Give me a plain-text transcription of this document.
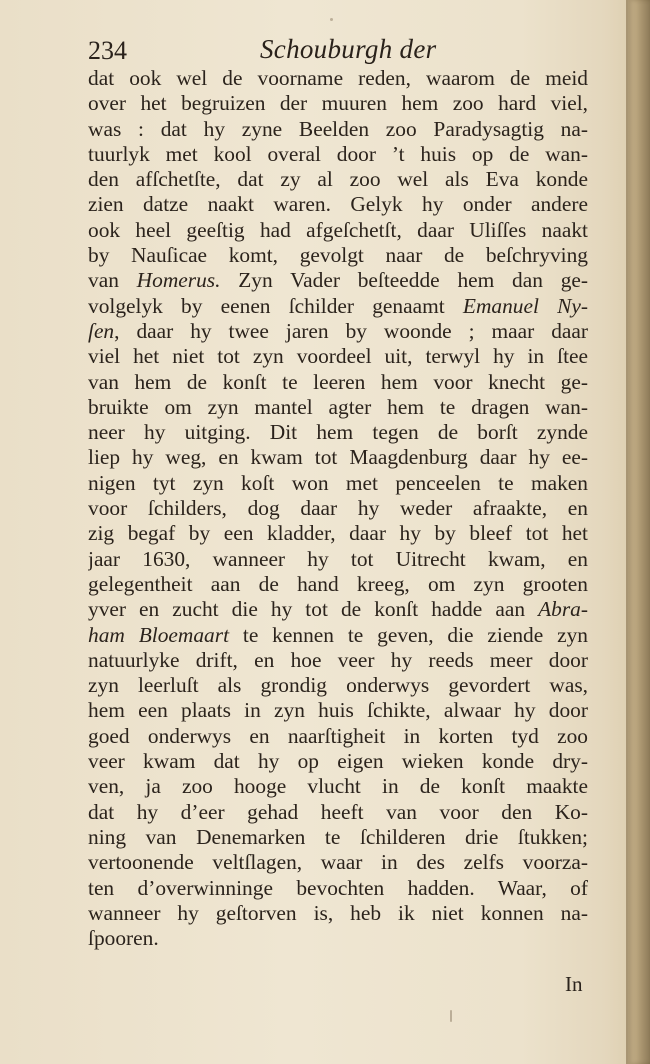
234	Schouburgh der
dat ook wel de voorname reden, waarom de meid
over het begruizen der muuren hem zoo hard viel,
was : dat hy zyne Beelden zoo Paradysagtig na-
tuurlyk met kool overal door ’t huis op de wan-
den afſchetſte, dat zy al zoo wel als Eva konde
zien datze naakt waren. Gelyk hy onder andere
ook heel geeſtig had afgeſchetſt, daar Uliſſes naakt
by Nauſicae komt, gevolgt naar de beſchryving
van Homerus. Zyn Vader beſteedde hem dan ge-
volgelyk by eenen ſchilder genaamt Emanuel Ny-
ſen, daar hy twee jaren by woonde ; maar daar
viel het niet tot zyn voordeel uit, terwyl hy in ſtee
van hem de konſt te leeren hem voor knecht ge-
bruikte om zyn mantel agter hem te dragen wan-
neer hy uitging. Dit hem tegen de borſt zynde
liep hy weg, en kwam tot Maagdenburg daar hy ee-
nigen tyt zyn koſt won met penceelen te maken
voor ſchilders, dog daar hy weder afraakte, en
zig begaf by een kladder, daar hy by bleef tot het
jaar 1630, wanneer hy tot Uitrecht kwam, en
gelegentheit aan de hand kreeg, om zyn grooten
yver en zucht die hy tot de konſt hadde aan Abra-
ham Bloemaart te kennen te geven, die ziende zyn
natuurlyke drift, en hoe veer hy reeds meer door
zyn leerluſt als grondig onderwys gevordert was,
hem een plaats in zyn huis ſchikte, alwaar hy door
goed onderwys en naarſtigheit in korten tyd zoo
veer kwam dat hy op eigen wieken konde dry-
ven, ja zoo hooge vlucht in de konſt maakte
dat hy d’eer gehad heeft van voor den Ko-
ning van Denemarken te ſchilderen drie ſtukken;
vertoonende veltſlagen, waar in des zelfs voorza-
ten d’overwinninge bevochten hadden. Waar, of
wanneer hy geſtorven is, heb ik niet konnen na-
ſpooren.
In
